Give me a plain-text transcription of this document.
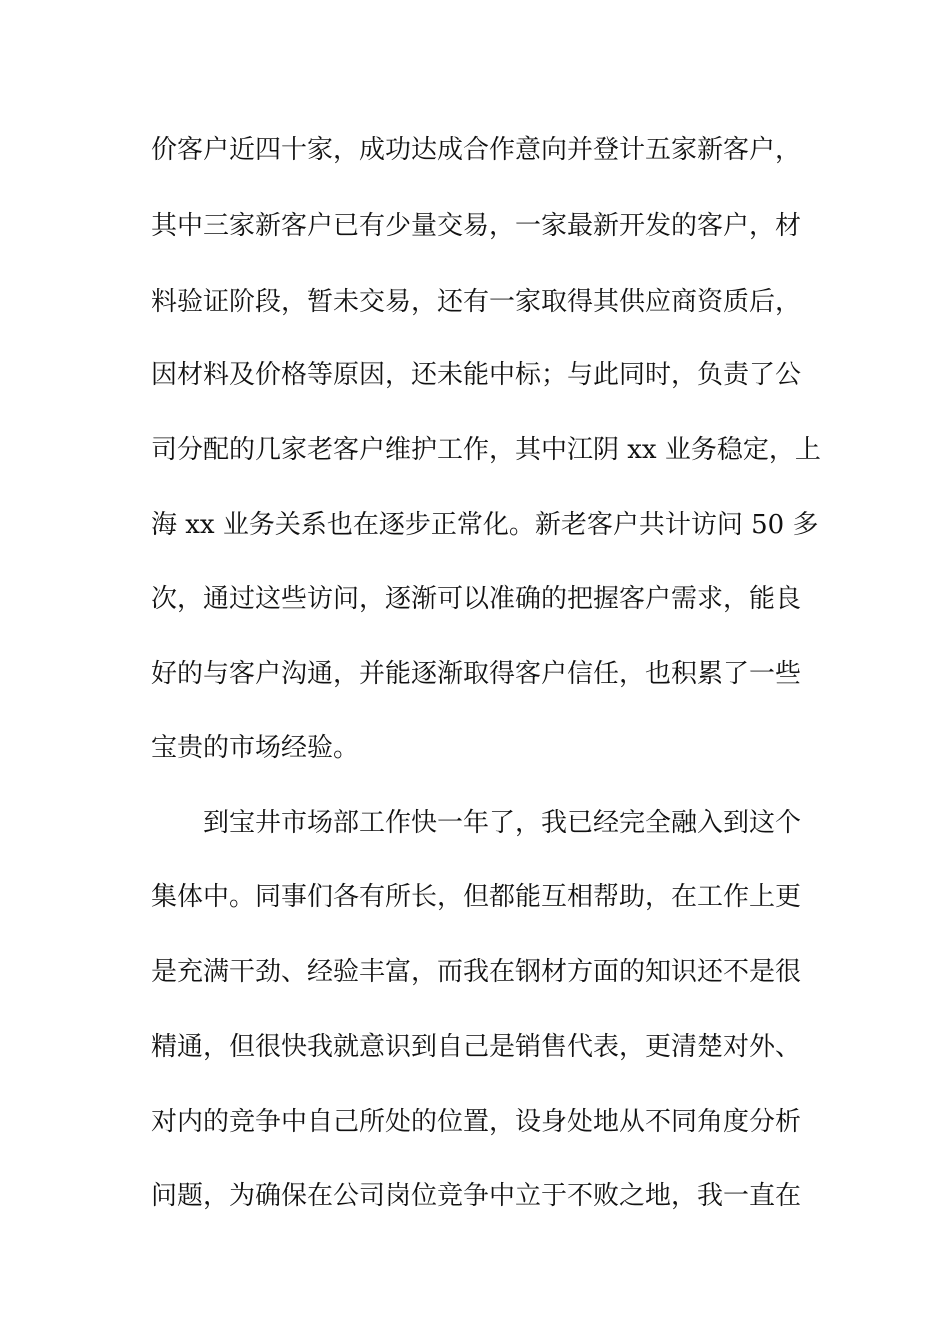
价客户近四十家，成功达成合作意向并登计五家新客户，
其中三家新客户已有少量交易，一家最新开发的客户，材
料验证阶段，暂未交易，还有一家取得其供应商资质后，
因材料及价格等原因，还未能中标；与此同时，负责了公
司分配的几家老客户维护工作，其中江阴 xx 业务稳定，上
海 xx 业务关系也在逐步正常化。新老客户共计访问 50 多
次，通过这些访问，逐渐可以准确的把握客户需求，能良
好的与客户沟通，并能逐渐取得客户信任，也积累了一些
宝贵的市场经验。
到宝井市场部工作快一年了，我已经完全融入到这个
集体中。同事们各有所长，但都能互相帮助，在工作上更
是充满干劲、经验丰富，而我在钢材方面的知识还不是很
精通，但很快我就意识到自己是销售代表，更清楚对外、
对内的竞争中自己所处的位置，设身处地从不同角度分析
问题，为确保在公司岗位竞争中立于不败之地，我一直在
